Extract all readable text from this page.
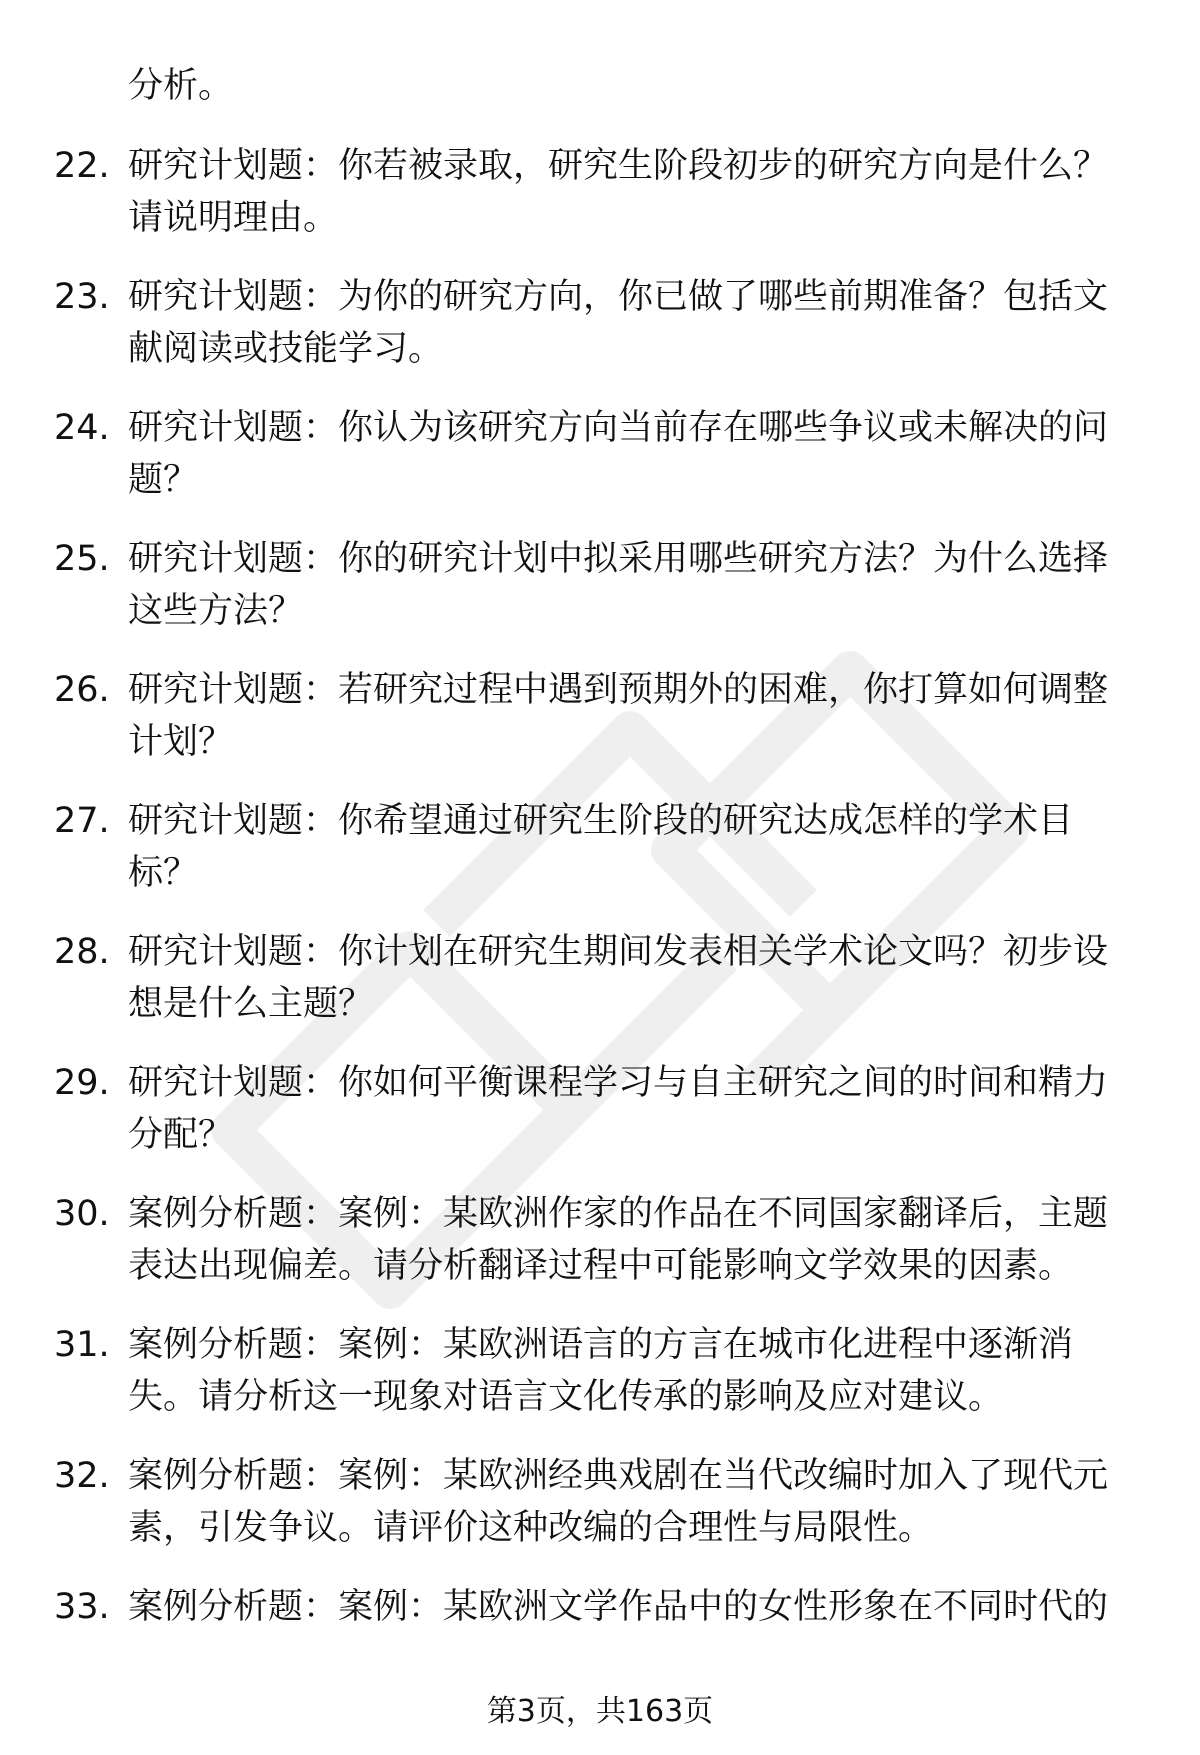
分析。
22. 研究计划题：你若被录取，研究生阶段初步的研究方向是什么？请说明理由。
23. 研究计划题：为你的研究方向，你已做了哪些前期准备？包括文献阅读或技能学习。
24. 研究计划题：你认为该研究方向当前存在哪些争议或未解决的问题？
25. 研究计划题：你的研究计划中拟采用哪些研究方法？为什么选择这些方法？
26. 研究计划题：若研究过程中遇到预期外的困难，你打算如何调整计划？
27. 研究计划题：你希望通过研究生阶段的研究达成怎样的学术目标？
28. 研究计划题：你计划在研究生期间发表相关学术论文吗？初步设想是什么主题？
29. 研究计划题：你如何平衡课程学习与自主研究之间的时间和精力分配？
30. 案例分析题：案例：某欧洲作家的作品在不同国家翻译后，主题表达出现偏差。请分析翻译过程中可能影响文学效果的因素。
31. 案例分析题：案例：某欧洲语言的方言在城市化进程中逐渐消失。请分析这一现象对语言文化传承的影响及应对建议。
32. 案例分析题：案例：某欧洲经典戏剧在当代改编时加入了现代元素，引发争议。请评价这种改编的合理性与局限性。
33. 案例分析题：案例：某欧洲文学作品中的女性形象在不同时代的
第3页，共163页
